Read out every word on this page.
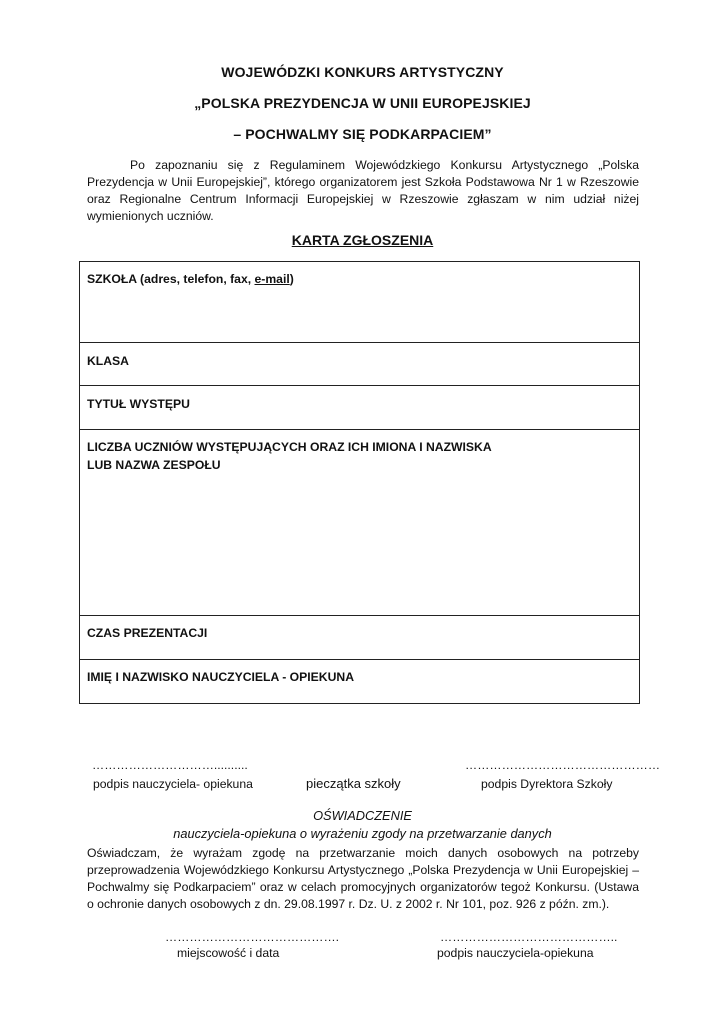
WOJEWÓDZKI KONKURS ARTYSTYCZNY
„POLSKA PREZYDENCJA W UNII EUROPEJSKIEJ
– POCHWALMY SIĘ PODKARPACIEM”
Po zapoznaniu się z Regulaminem Wojewódzkiego Konkursu Artystycznego „Polska Prezydencja w Unii Europejskiej”, którego organizatorem jest Szkoła Podstawowa Nr 1 w Rzeszowie oraz Regionalne Centrum Informacji Europejskiej w Rzeszowie zgłaszam w nim udział niżej wymienionych uczniów.
KARTA ZGŁOSZENIA
SZKOŁA (adres, telefon, fax, e-mail)
KLASA
TYTUŁ WYSTĘPU
LICZBA UCZNIÓW WYSTĘPUJĄCYCH ORAZ ICH IMIONA I NAZWISKA
LUB NAZWA ZESPOŁU
CZAS PREZENTACJI
IMIĘ I NAZWISKO NAUCZYCIELA - OPIEKUNA
…………………………..........	…………………………………………
podpis nauczyciela- opiekuna	pieczątka szkoły	podpis Dyrektora Szkoły
OŚWIADCZENIE
nauczyciela-opiekuna o wyrażeniu zgody na przetwarzanie danych
Oświadczam, że wyrażam zgodę na przetwarzanie moich danych osobowych na potrzeby przeprowadzenia Wojewódzkiego Konkursu Artystycznego „Polska Prezydencja w Unii Europejskiej – Pochwalmy się Podkarpaciem” oraz w celach promocyjnych organizatorów tegoż Konkursu. (Ustawa o ochronie danych osobowych z dn. 29.08.1997 r. Dz. U. z 2002 r. Nr 101, poz. 926 z późn. zm.).
…………………………………….	……………………………………..
miejscowość i data	podpis nauczyciela-opiekuna
